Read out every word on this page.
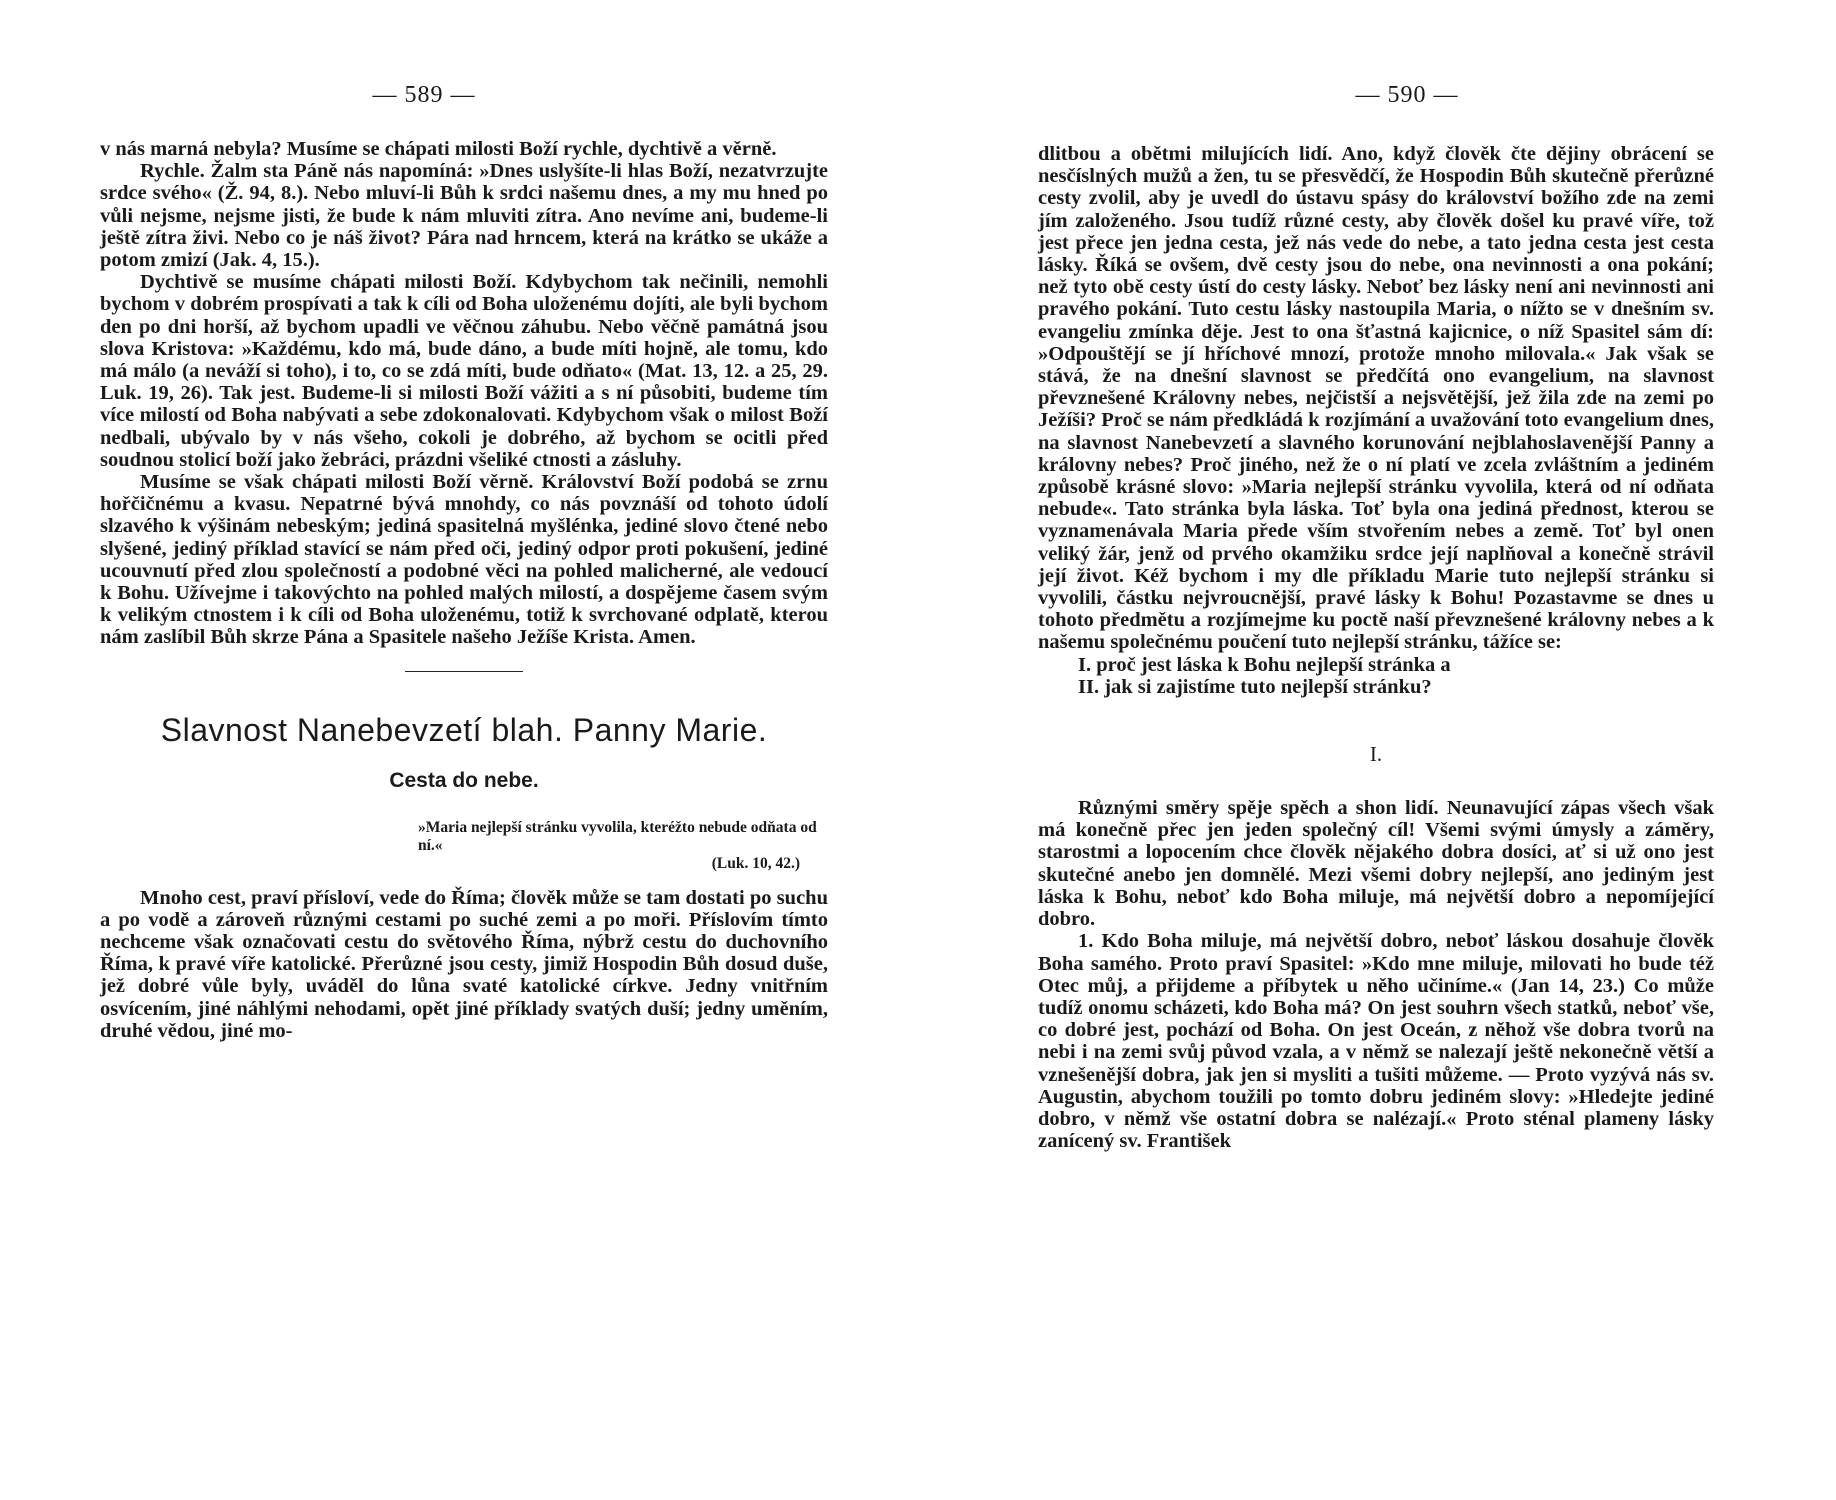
— 589 —

v nás marná nebyla? Musíme se chápati milosti Boží rychle, dychtivě a věrně.

Rychle. Žalm sta Páně nás napomíná: »Dnes uslyšíte-li hlas Boží, nezatvrzujte srdce svého« (Ž. 94, 8.). Nebo mluví-li Bůh k srdci našemu dnes, a my mu hned po vůli nejsme, nejsme jisti, že bude k nám mluviti zítra. Ano nevíme ani, budeme-li ještě zítra živi. Nebo co je náš život? Pára nad hrncem, která na krátko se ukáže a potom zmizí (Jak. 4, 15.).

Dychtivě se musíme chápati milosti Boží. Kdybychom tak nečinili, nemohli bychom v dobrém prospívati a tak k cíli od Boha uloženému dojíti, ale byli bychom den po dni horší, až bychom upadli ve věčnou záhubu. Nebo věčně památná jsou slova Kristova: »Každému, kdo má, bude dáno, a bude míti hojně, ale tomu, kdo má málo (a neváží si toho), i to, co se zdá míti, bude odňato« (Mat. 13, 12. a 25, 29. Luk. 19, 26). Tak jest. Budeme-li si milosti Boží vážiti a s ní působiti, budeme tím více milostí od Boha nabývati a sebe zdokonalovati. Kdybychom však o milost Boží nedbali, ubývalo by v nás všeho, cokoli je dobrého, až bychom se ocitli před soudnou stolicí boží jako žebráci, prázdni všeliké ctnosti a zásluhy.

Musíme se však chápati milosti Boží věrně. Království Boží podobá se zrnu hořčičnému a kvasu. Nepatrné bývá mnohdy, co nás povznáší od tohoto údolí slzavého k výšinám nebeským; jediná spasitelná myšlénka, jediné slovo čtené nebo slyšené, jediný příklad stavící se nám před oči, jediný odpor proti pokušení, jediné ucouvnutí před zlou společností a podobné věci na pohled malicherné, ale vedoucí k Bohu. Užívejme i takovýchto na pohled malých milostí, a dospějeme časem svým k velikým ctnostem i k cíli od Boha uloženému, totiž k svrchované odplatě, kterou nám zaslíbil Bůh skrze Pána a Spasitele našeho Ježíše Krista. Amen.

Slavnost Nanebevzetí blah. Panny Marie.
Cesta do nebe.
»Maria nejlepší stránku vyvolila, kteréžto nebude odňata od ní.«
(Luk. 10, 42.)

Mnoho cest, praví přísloví, vede do Říma; člověk může se tam dostati po suchu a po vodě a zároveň různými cestami po suché zemi a po moři. Příslovím tímto nechceme však označovati cestu do světového Říma, nýbrž cestu do duchovního Říma, k pravé víře katolické. Přerůzné jsou cesty, jimiž Hospodin Bůh dosud duše, jež dobré vůle byly, uváděl do lůna svaté katolické církve. Jedny vnitřním osvícením, jiné náhlými nehodami, opět jiné příklady svatých duší; jedny uměním, druhé vědou, jiné mo-

— 590 —

dlitbou a obětmi milujících lidí. Ano, když člověk čte dějiny obrácení se nesčíslných mužů a žen, tu se přesvědčí, že Hospodin Bůh skutečně přerůzné cesty zvolil, aby je uvedl do ústavu spásy do království božího zde na zemi jím založeného. Jsou tudíž různé cesty, aby člověk došel ku pravé víře, tož jest přece jen jedna cesta, jež nás vede do nebe, a tato jedna cesta jest cesta lásky. Říká se ovšem, dvě cesty jsou do nebe, ona nevinnosti a ona pokání; než tyto obě cesty ústí do cesty lásky. Neboť bez lásky není ani nevinnosti ani pravého pokání. Tuto cestu lásky nastoupila Maria, o nížto se v dnešním sv. evangeliu zmínka děje. Jest to ona šťastná kajicnice, o níž Spasitel sám dí: »Odpouštějí se jí hříchové mnozí, protože mnoho milovala.« Jak však se stává, že na dnešní slavnost se předčítá ono evangelium, na slavnost převznešené Královny nebes, nejčistší a nejsvětější, jež žila zde na zemi po Ježíši? Proč se nám předkládá k rozjímání a uvažování toto evangelium dnes, na slavnost Nanebevzetí a slavného korunování nejblahoslavenější Panny a královny nebes? Proč jiného, než že o ní platí ve zcela zvláštním a jediném způsobě krásné slovo: »Maria nejlepší stránku vyvolila, která od ní odňata nebude«. Tato stránka byla láska. Toť byla ona jediná přednost, kterou se vyznamenávala Maria přede vším stvořením nebes a země. Toť byl onen veliký žár, jenž od prvého okamžiku srdce její naplňoval a konečně strávil její život. Kéž bychom i my dle příkladu Marie tuto nejlepší stránku si vyvolili, částku nejvroucnější, pravé lásky k Bohu! Pozastavme se dnes u tohoto předmětu a rozjímejme ku poctě naší převznešené královny nebes a k našemu společnému poučení tuto nejlepší stránku, tážíce se:

I. proč jest láska k Bohu nejlepší stránka a
II. jak si zajistíme tuto nejlepší stránku?
I.

Různými směry spěje spěch a shon lidí. Neunavující zápas všech však má konečně přec jen jeden společný cíl! Všemi svými úmysly a záměry, starostmi a lopocením chce člověk nějakého dobra dosíci, ať si už ono jest skutečné anebo jen domnělé. Mezi všemi dobry nejlepší, ano jediným jest láska k Bohu, neboť kdo Boha miluje, má největší dobro a nepomíjející dobro.

1. Kdo Boha miluje, má největší dobro, neboť láskou dosahuje člověk Boha samého. Proto praví Spasitel: »Kdo mne miluje, milovati ho bude též Otec můj, a přijdeme a příbytek u něho učiníme.« (Jan 14, 23.) Co může tudíž onomu scházeti, kdo Boha má? On jest souhrn všech statků, neboť vše, co dobré jest, pochází od Boha. On jest Oceán, z něhož vše dobra tvorů na nebi i na zemi svůj původ vzala, a v němž se nalezají ještě nekonečně větší a vznešenější dobra, jak jen si mysliti a tušiti můžeme. — Proto vyzývá nás sv. Augustin, abychom toužili po tomto dobru jediném slovy: »Hledejte jediné dobro, v němž vše ostatní dobra se nalézají.« Proto sténal plameny lásky zanícený sv. František
